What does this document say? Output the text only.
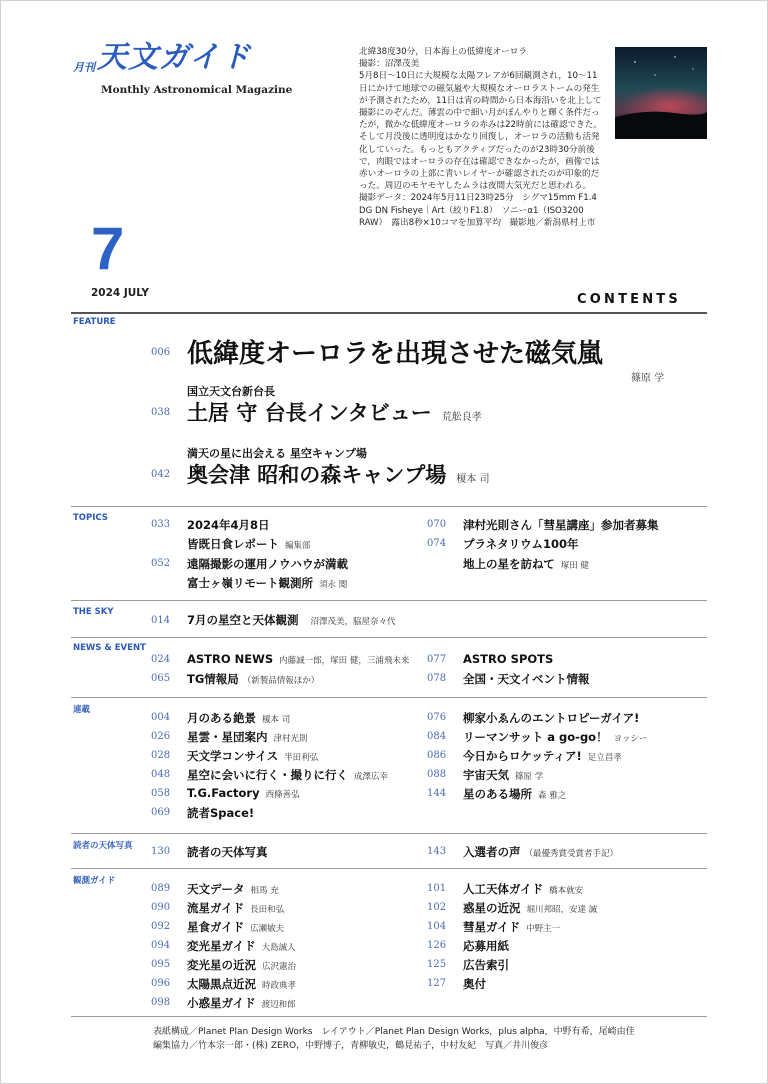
月刊 天文ガイド
Monthly Astronomical Magazine
7
2024 JULY

北緯38度30分，日本海上の低緯度オーロラ

撮影：沼澤茂美

5月8日〜10日に大規模な太陽フレアが6回観測され，10〜11日にかけて地球での磁気嵐や大規模なオーロラストームの発生が予測されたため，11日は宵の時間から日本海沿いを北上して撮影にのぞんだ。薄雲の中で細い月がぼんやりと輝く条件だったが，微かな低緯度オーロラの赤みは22時前には確認できた。そして月没後に透明度はかなり回復し，オーロラの活動も活発化していった。もっともアクティブだったのが23時30分前後で，肉眼ではオーロラの存在は確認できなかったが，画像では赤いオーロラの上部に青いレイヤーが確認されたのが印象的だった。周辺のモヤモヤしたムラは夜間大気光だと思われる。

撮影データ：2024年5月11日23時25分　シグマ15mm F1.4 DG DN Fisheye｜Art（絞りF1.8）　ソニーα1（ISO3200 RAW）　露出8秒×10コマを加算平均　撮影地／新潟県村上市

CONTENTS
FEATURE
006 低緯度オーロラを出現させた磁気嵐
篠原 学
国立天文台新台長
038 土居 守 台長インタビュー 荒舩良孝
満天の星に出会える 星空キャンプ場
042 奥会津 昭和の森キャンプ場 榎本 司
TOPICS
033 2024年4月8日
皆既日食レポート 編集部
052 遠隔撮影の運用ノウハウが満載
富士ヶ嶺リモート観測所 須永 閲
070 津村光則さん「彗星講座」参加者募集
074 プラネタリウム100年
地上の星を訪ねて 塚田 健
THE SKY
014 7月の星空と天体観測 沼澤茂美，脇屋奈々代
NEWS & EVENT
024 ASTRO NEWS 内藤誠一郎，塚田 健，三浦飛未来
065 TG情報局 （新製品情報ほか）
077 ASTRO SPOTS
078 全国・天文イベント情報
連載
004 月のある絶景 榎本 司
026 星雲・星団案内 津村光則
028 天文学コンサイス 半田利弘
048 星空に会いに行く・撮りに行く 成澤広幸
058 T.G.Factory 西條善弘
069 読者Space!
076 柳家小ゑんのエントロピーガイア!
084 リーマンサット a go-go！ ヨッシー
086 今日からロケッティア! 足立昌孝
088 宇宙天気 篠原 学
144 星のある場所 森 雅之
読者の天体写真 130 読者の天体写真	143 入選者の声 （最優秀賞受賞者手記）
観測ガイド
089 天文データ 相馬 充
090 流星ガイド 長田和弘
092 星食ガイド 広瀬敏夫
094 変光星ガイド 大島誠人
095 変光星の近況 広沢憲治
096 太陽黒点近況 時政典孝
098 小惑星ガイド 渡辺和郎
101 人工天体ガイド 橋本就安
102 惑星の近況 堀川邦昭，安達 誠
104 彗星ガイド 中野主一
126 応募用紙
125 広告索引
127 奥付
表紙構成／Planet Plan Design Works　レイアウト／Planet Plan Design Works，plus alpha，中野有希，尾崎由佳
編集協力／竹本宗一郎・(株) ZERO，中野博子，青柳敏史，鶴見祐子，中村友紀　写真／井川俊彦
